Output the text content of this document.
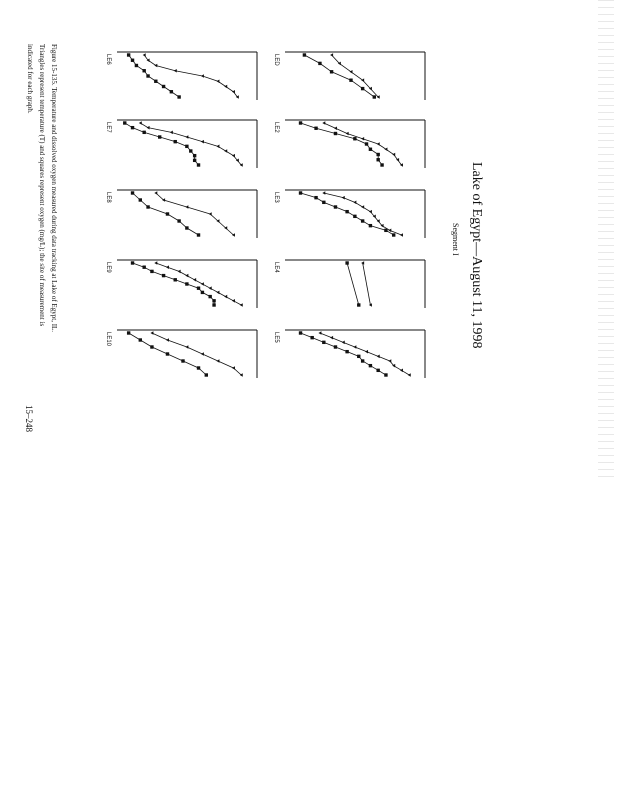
Lake of Egypt—August 11, 1998
Segment I
LED
LE2
LE3
LE4
LE5
LE6
LE7
LE8
LE9
LE10
Figure 15-135. Temperature and dissolved oxygen measured during data tracking at Lake of Egypt, IL. Triangles represent temperature (T) and squares represent oxygen (mg/L); the site of measurement is indicated for each graph.
15–248
